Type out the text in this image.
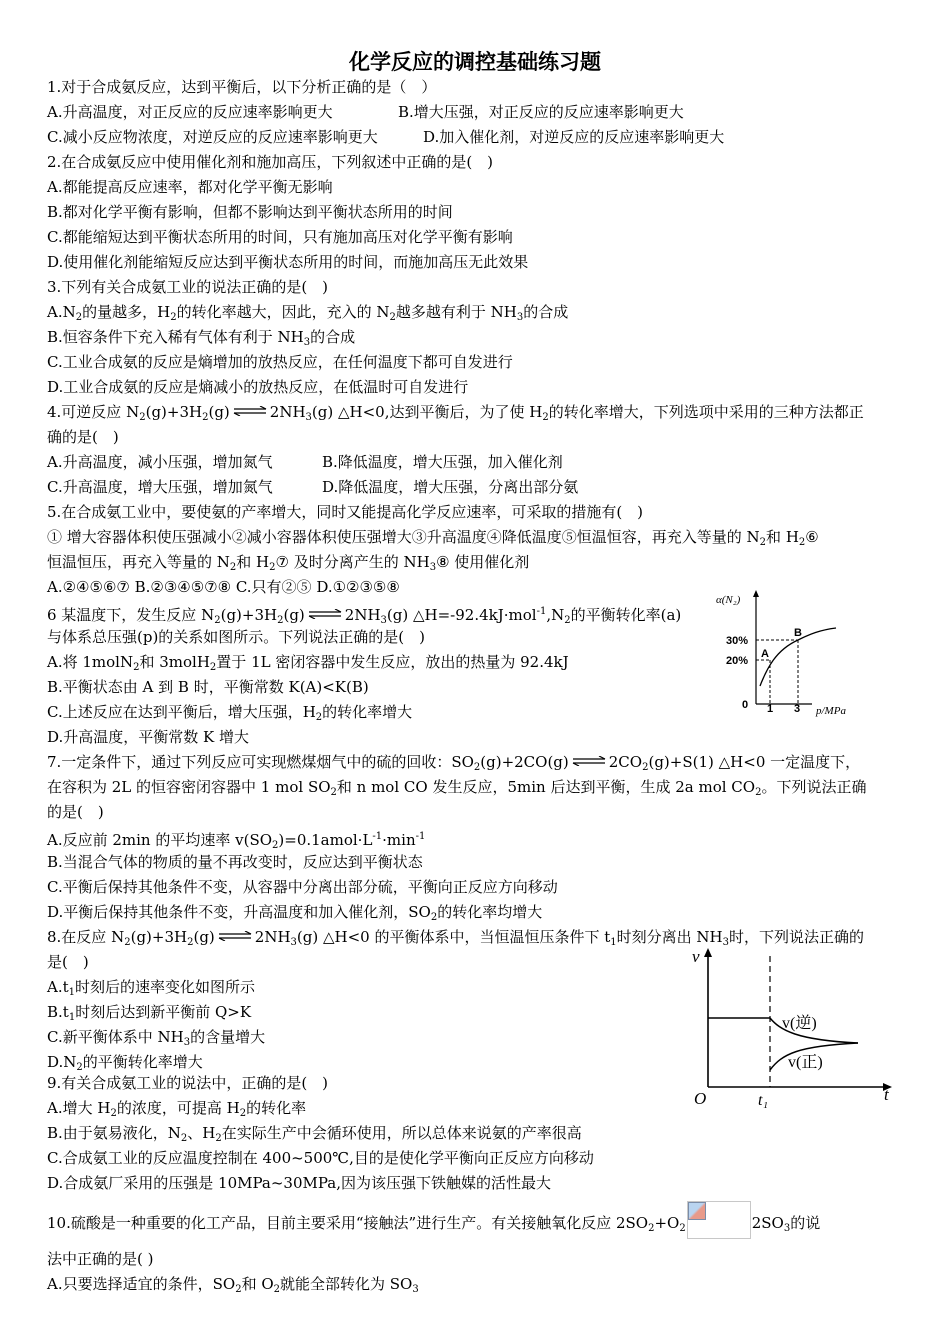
化学反应的调控基础练习题
1.对于合成氨反应，达到平衡后，以下分析正确的是（　）
A.升高温度，对正反应的反应速率影响更大	B.增大压强，对正反应的反应速率影响更大
C.减小反应物浓度，对逆反应的反应速率影响更大	D.加入催化剂，对逆反应的反应速率影响更大
2.在合成氨反应中使用催化剂和施加高压，下列叙述中正确的是(　)
A.都能提高反应速率，都对化学平衡无影响
B.都对化学平衡有影响，但都不影响达到平衡状态所用的时间
C.都能缩短达到平衡状态所用的时间，只有施加高压对化学平衡有影响
D.使用催化剂能缩短反应达到平衡状态所用的时间，而施加高压无此效果
3.下列有关合成氨工业的说法正确的是(　)
$A.N_2$的量越多，$H_2$的转化率越大，因此，充入的 $N_2$越多越有利于 $NH_3$的合成
B.恒容条件下充入稀有气体有利于 $NH_3$的合成
C.工业合成氨的反应是熵增加的放热反应，在任何温度下都可自发进行
D.工业合成氨的反应是熵减小的放热反应，在低温时可自发进行
4.可逆反应 $N_2(g)+3H_2(g)$ ⇌ $2NH_3(g)$ △H<0,达到平衡后，为了使 $H_2$的转化率增大，下列选项中采用的三种方法都正
确的是(　)
A.升高温度，减小压强，增加氮气	B.降低温度，增大压强，加入催化剂
C.升高温度，增大压强，增加氮气	D.降低温度，增大压强，分离出部分氨
5.在合成氨工业中，要使氨的产率增大，同时又能提高化学反应速率，可采取的措施有(　)
① 增大容器体积使压强减小②减小容器体积使压强增大③升高温度④降低温度⑤恒温恒容，再充入等量的 $N_2$和 $H_2⑥$
恒温恒压，再充入等量的 $N_2$和 $H_2⑦$ 及时分离产生的 $NH_3⑧$ 使用催化剂
A.②④⑤⑥⑦ B.②③④⑤⑦⑧ C.只有②⑤ D.①②③⑤⑧
6 某温度下，发生反应 $N_2(g)+3H_2(g)$ ⇌ $2NH_3(g)$ $\triangle H=-92.4kJ\cdot mol^{-1},N_2$的平衡转化率(a)
与体系总压强(p)的关系如图所示。下列说法正确的是(　)
A.将 1molN$_2$和 3molH$_2$置于 1L 密闭容器中发生反应，放出的热量为 92.4kJ
B.平衡状态由 A 到 B 时，平衡常数 K(A)<K(B)
C.上述反应在达到平衡后，增大压强，$H_2$的转化率增大
D.升高温度，平衡常数 K 增大
α(N₂)
p/MPa
30%
20%
1 3
0
A
B
7.一定条件下，通过下列反应可实现燃煤烟气中的硫的回收：$SO_2(g)+2CO(g)$ ⇌ $2CO_2(g)+S(1)$ △H<0 一定温度下，
在容积为 2L 的恒容密闭容器中 1 mol $SO_2$和 n mol CO 发生反应，5min 后达到平衡，生成 2a mol $CO_2$。下列说法正确
的是(　)
A.反应前 2min 的平均速率 $v(SO_2)=0.1amol\cdot L^{-1}\cdot\min^{-1}$
B.当混合气体的物质的量不再改变时，反应达到平衡状态
C.平衡后保持其他条件不变，从容器中分离出部分硫，平衡向正反应方向移动
D.平衡后保持其他条件不变，升高温度和加入催化剂，$SO_2$的转化率均增大
8.在反应 $N_2(g)+3H_2(g)$ ⇌ $2NH_3(g)$ △H<0 的平衡体系中，当恒温恒压条件下 $t_1$时刻分离出 $NH_3$时，下列说法正确的
是(　)
$A.t_1$时刻后的速率变化如图所示
$B.t_1$时刻后达到新平衡前 Q>K
C.新平衡体系中 $NH_3$的含量增大
$D.N_2$的平衡转化率增大
v
t
O	t₁
v(逆)
v(正)
9.有关合成氨工业的说法中，正确的是(　)
A.增大 $H_2$的浓度，可提高 $H_2$的转化率
B.由于氨易液化，$N_2$、$H_2$在实际生产中会循环使用，所以总体来说氨的产率很高
C.合成氨工业的反应温度控制在 400~500℃,目的是使化学平衡向正反应方向移动
D.合成氨厂采用的压强是 10MPa~30MPa,因为该压强下铁触媒的活性最大
10.硫酸是一种重要的化工产品，目前主要采用“接触法”进行生产。有关接触氧化反应 $2SO_2+O_2$	$2SO_3$的说
法中正确的是( )
A.只要选择适宜的条件，$SO_2$和 $O_2$就能全部转化为 $SO_3$
